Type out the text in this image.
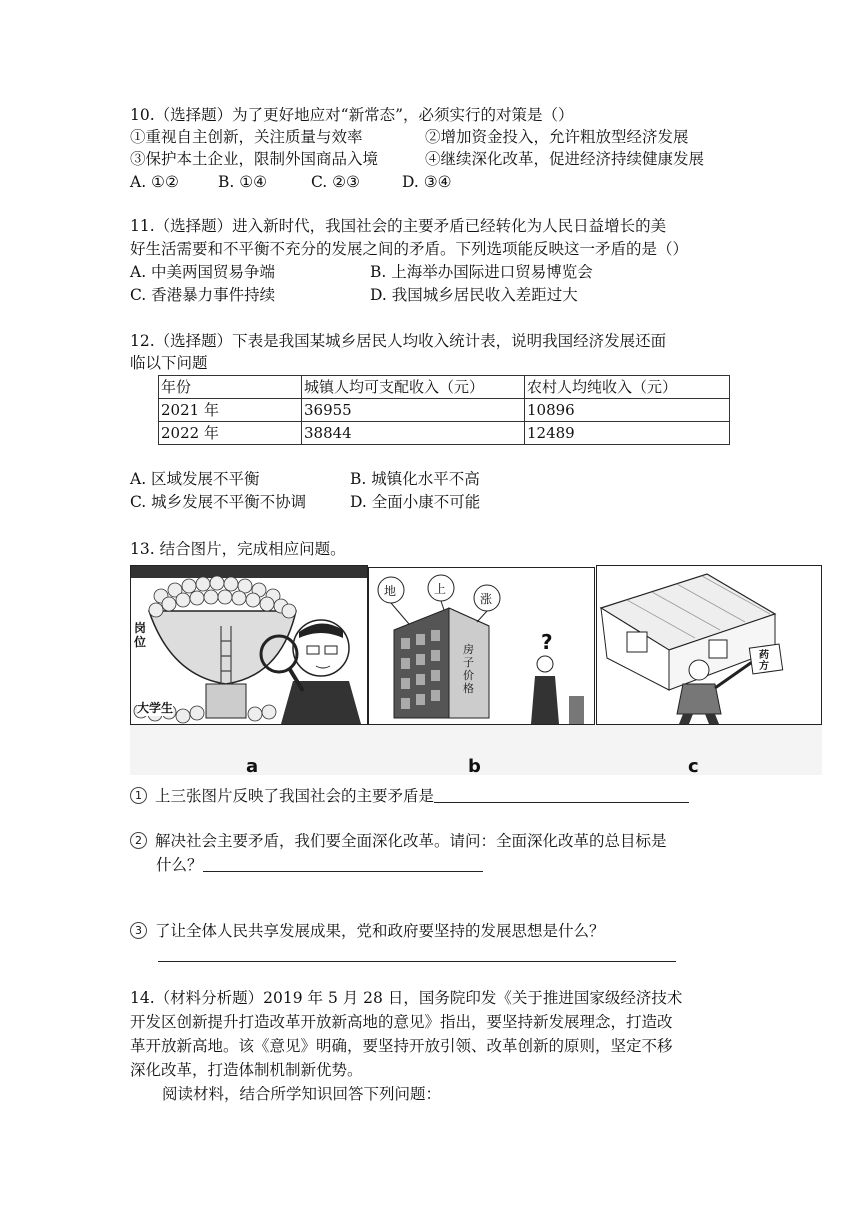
10.（选择题）为了更好地应对“新常态”，必须实行的对策是（）
①重视自主创新，关注质量与效率	②增加资金投入，允许粗放型经济发展
③保护本土企业，限制外国商品入境	④继续深化改革，促进经济持续健康发展
A. ①②	B. ①④	C. ②③	D. ③④
11.（选择题）进入新时代，我国社会的主要矛盾已经转化为人民日益增长的美
好生活需要和不平衡不充分的发展之间的矛盾。下列选项能反映这一矛盾的是（）
A. 中美两国贸易争端	B. 上海举办国际进口贸易博览会
C. 香港暴力事件持续	D. 我国城乡居民收入差距过大
12.（选择题）下表是我国某城乡居民人均收入统计表，说明我国经济发展还面
临以下问题
年份	城镇人均可支配收入（元）	农村人均纯收入（元）
2021 年	36955	10896
2022 年	38844	12489
A. 区域发展不平衡	B. 城镇化水平不高
C. 城乡发展不平衡不协调	D. 全面小康不可能
13. 结合图片，完成相应问题。
岗位
大学生
地	上
涨
房子价格
?
药方
a	b	c
1 上三张图片反映了我国社会的主要矛盾是
2 解决社会主要矛盾，我们要全面深化改革。请问：全面深化改革的总目标是
什么？
3 了让全体人民共享发展成果，党和政府要坚持的发展思想是什么？
14.（材料分析题）2019 年 5 月 28 日，国务院印发《关于推进国家级经济技术
开发区创新提升打造改革开放新高地的意见》指出，要坚持新发展理念，打造改
革开放新高地。该《意见》明确，要坚持开放引领、改革创新的原则，坚定不移
深化改革，打造体制机制新优势。
阅读材料，结合所学知识回答下列问题：
